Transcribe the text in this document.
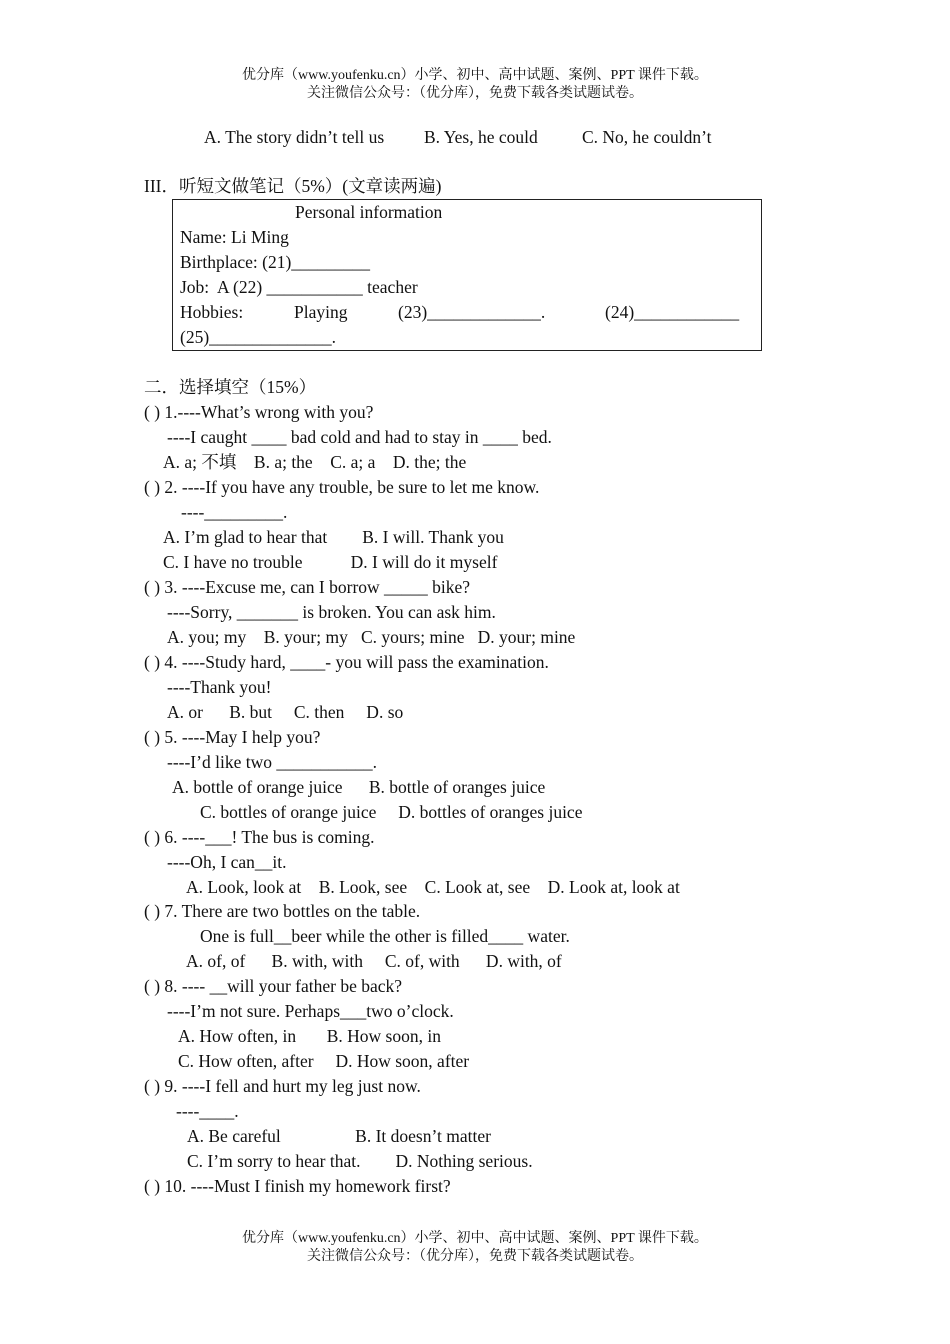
优分库（www.youfenku.cn）小学、初中、高中试题、案例、PPT 课件下载。
关注微信公众号：（优分库），免费下载各类试题试卷。
A. The story didn’t tell us B. Yes, he could	C. No, he couldn’t
III．听短文做笔记（5%）(文章读两遍)
Personal information
Name: Li Ming
Birthplace: (21)_________
Job:  A (22) ___________ teacher
Hobbies:	Playing	(23)_____________.	(24)____________
(25)______________.
二．选择填空（15%）
( ) 1.----What’s wrong with you?
----I caught ____ bad cold and had to stay in ____ bed.
A. a; 不填    B. a; the    C. a; a    D. the; the
( ) 2. ----If you have any trouble, be sure to let me know.
----_________.
A. I’m glad to hear that        B. I will. Thank you
C. I have no trouble           D. I will do it myself
( ) 3. ----Excuse me, can I borrow _____ bike?
----Sorry, _______ is broken. You can ask him.
A. you; my    B. your; my   C. yours; mine   D. your; mine
( ) 4. ----Study hard, ____- you will pass the examination.
----Thank you!
A. or      B. but     C. then     D. so
( ) 5. ----May I help you?
----I’d like two ___________.
A. bottle of orange juice      B. bottle of oranges juice
C. bottles of orange juice     D. bottles of oranges juice
( ) 6. ----___! The bus is coming.
----Oh, I can__it.
A. Look, look at    B. Look, see    C. Look at, see    D. Look at, look at
( ) 7. There are two bottles on the table.
One is full__beer while the other is filled____ water.
A. of, of      B. with, with     C. of, with      D. with, of
( ) 8. ---- __will your father be back?
----I’m not sure. Perhaps___two o’clock.
A. How often, in       B. How soon, in
C. How often, after     D. How soon, after
( ) 9. ----I fell and hurt my leg just now.
----____.
A. Be careful                 B. It doesn’t matter
C. I’m sorry to hear that.        D. Nothing serious.
( ) 10. ----Must I finish my homework first?
优分库（www.youfenku.cn）小学、初中、高中试题、案例、PPT 课件下载。
关注微信公众号：（优分库），免费下载各类试题试卷。
